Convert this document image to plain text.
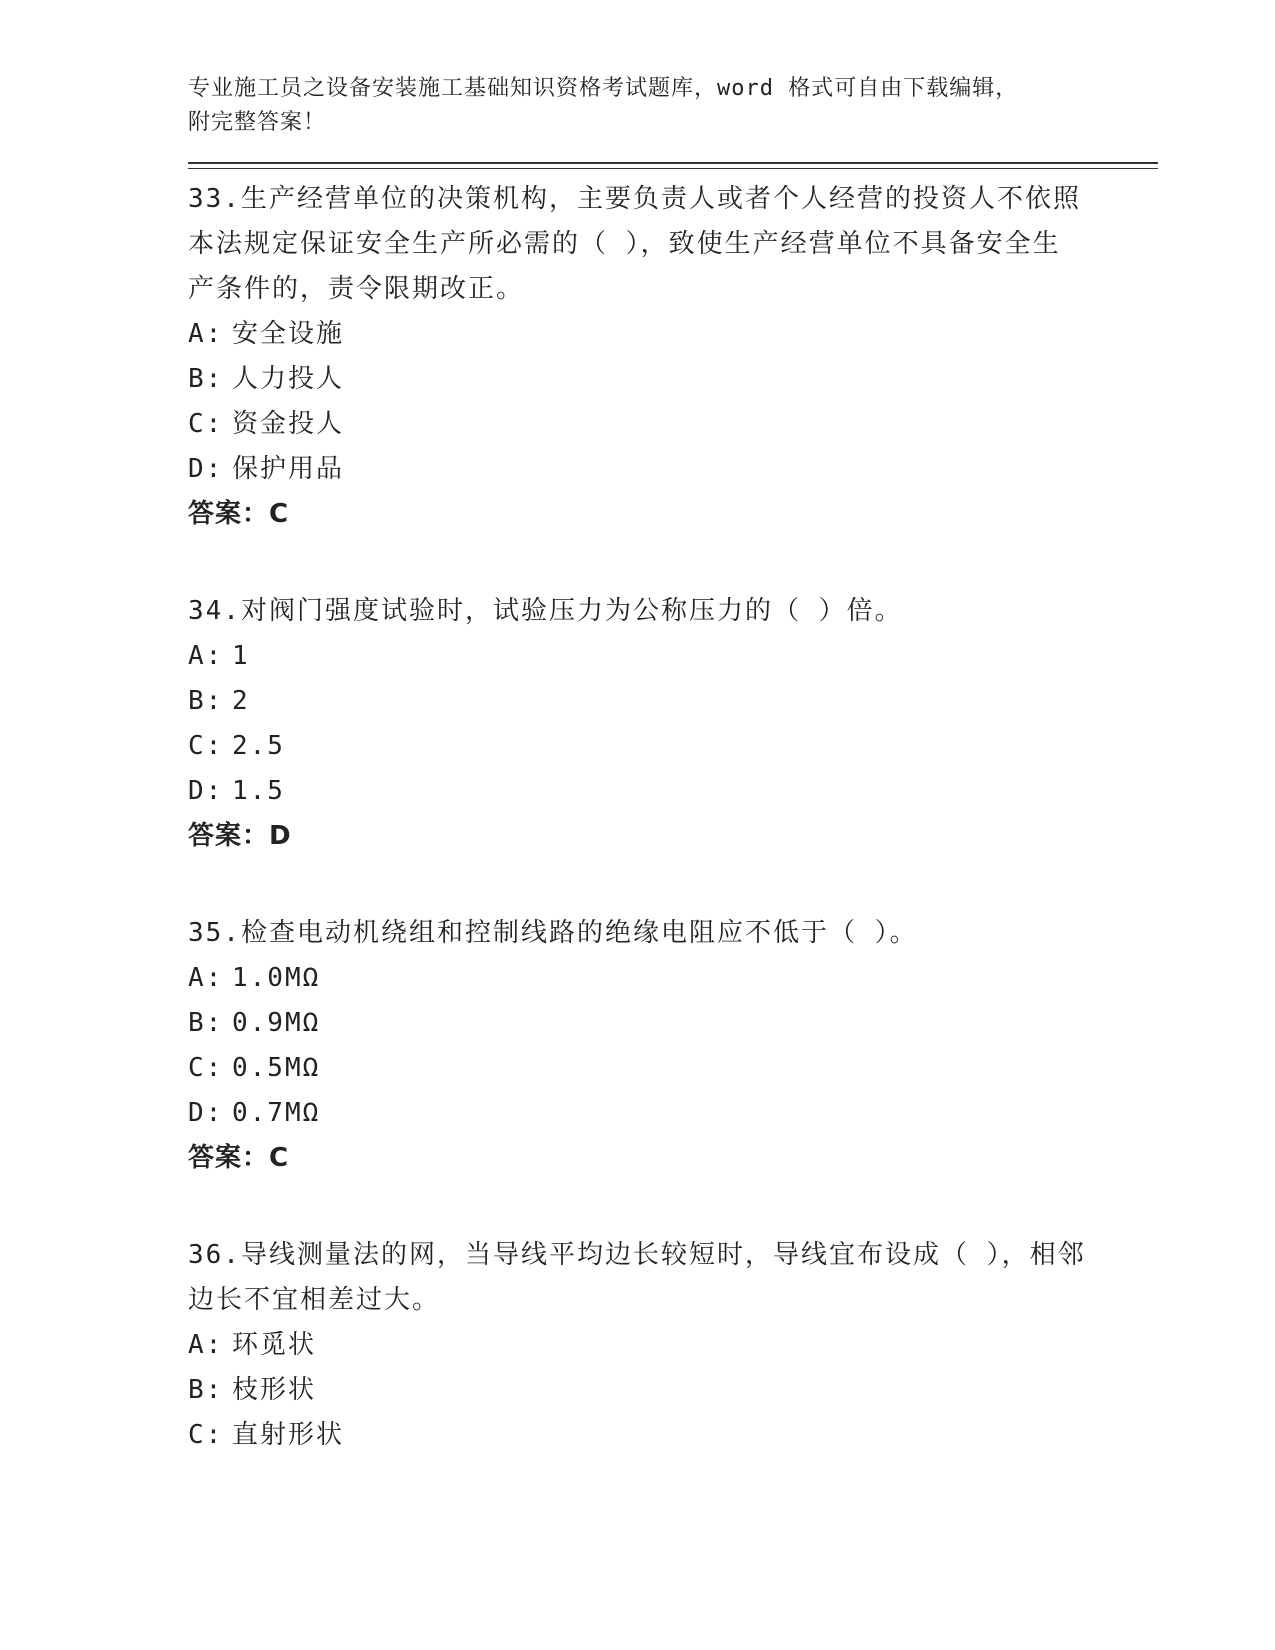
专业施工员之设备安装施工基础知识资格考试题库，word 格式可自由下载编辑，
附完整答案！

33.生产经营单位的决策机构，主要负责人或者个人经营的投资人不依照本法规定保证安全生产所必需的（ ），致使生产经营单位不具备安全生产条件的，责令限期改正。

A: 安全设施

B: 人力投人

C: 资金投人

D: 保护用品

答案：C

34.对阀门强度试验时，试验压力为公称压力的（ ）倍。

A: 1

B: 2

C: 2.5

D: 1.5

答案：D

35.检查电动机绕组和控制线路的绝缘电阻应不低于（ ）。

A: 1.0MΩ

B: 0.9MΩ

C: 0.5MΩ

D: 0.7MΩ

答案：C

36.导线测量法的网，当导线平均边长较短时，导线宜布设成（ ），相邻边长不宜相差过大。

A: 环觅状

B: 枝形状

C: 直射形状
